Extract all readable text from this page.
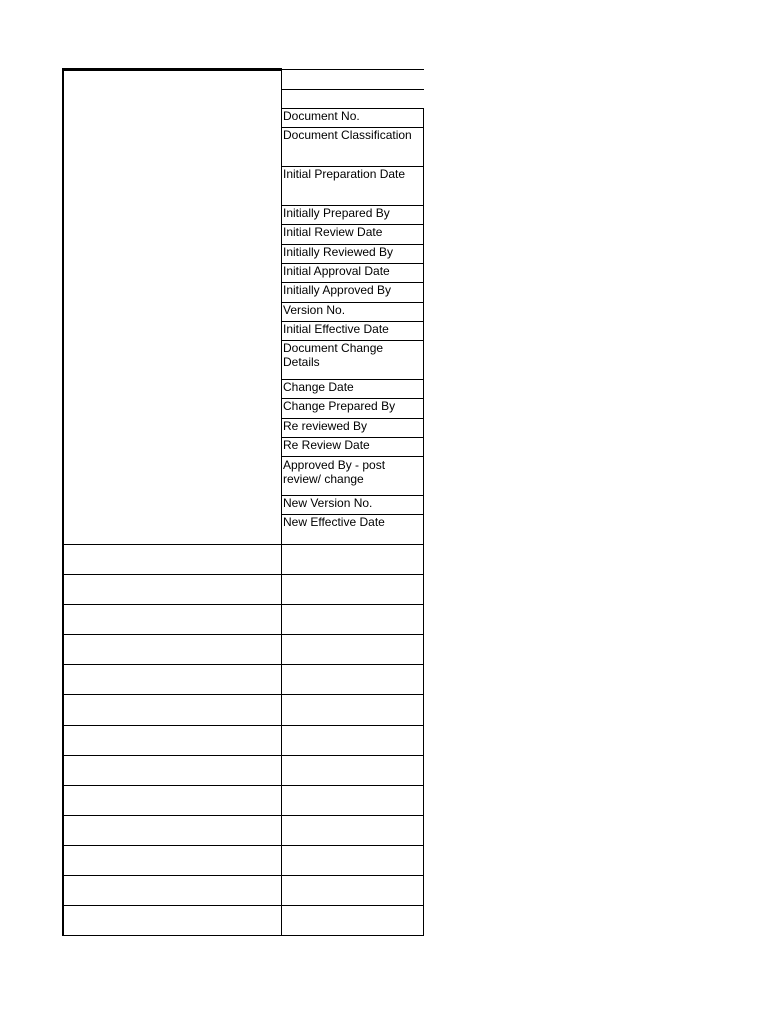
Document No.
Document Classification
Initial Preparation Date
Initially Prepared By
Initial Review Date
Initially Reviewed By
Initial Approval Date
Initially Approved By
Version No.
Initial Effective Date
Document Change Details
Change Date
Change Prepared By
Re reviewed By
Re Review Date
Approved By - post review/ change
New Version No.
New Effective Date
